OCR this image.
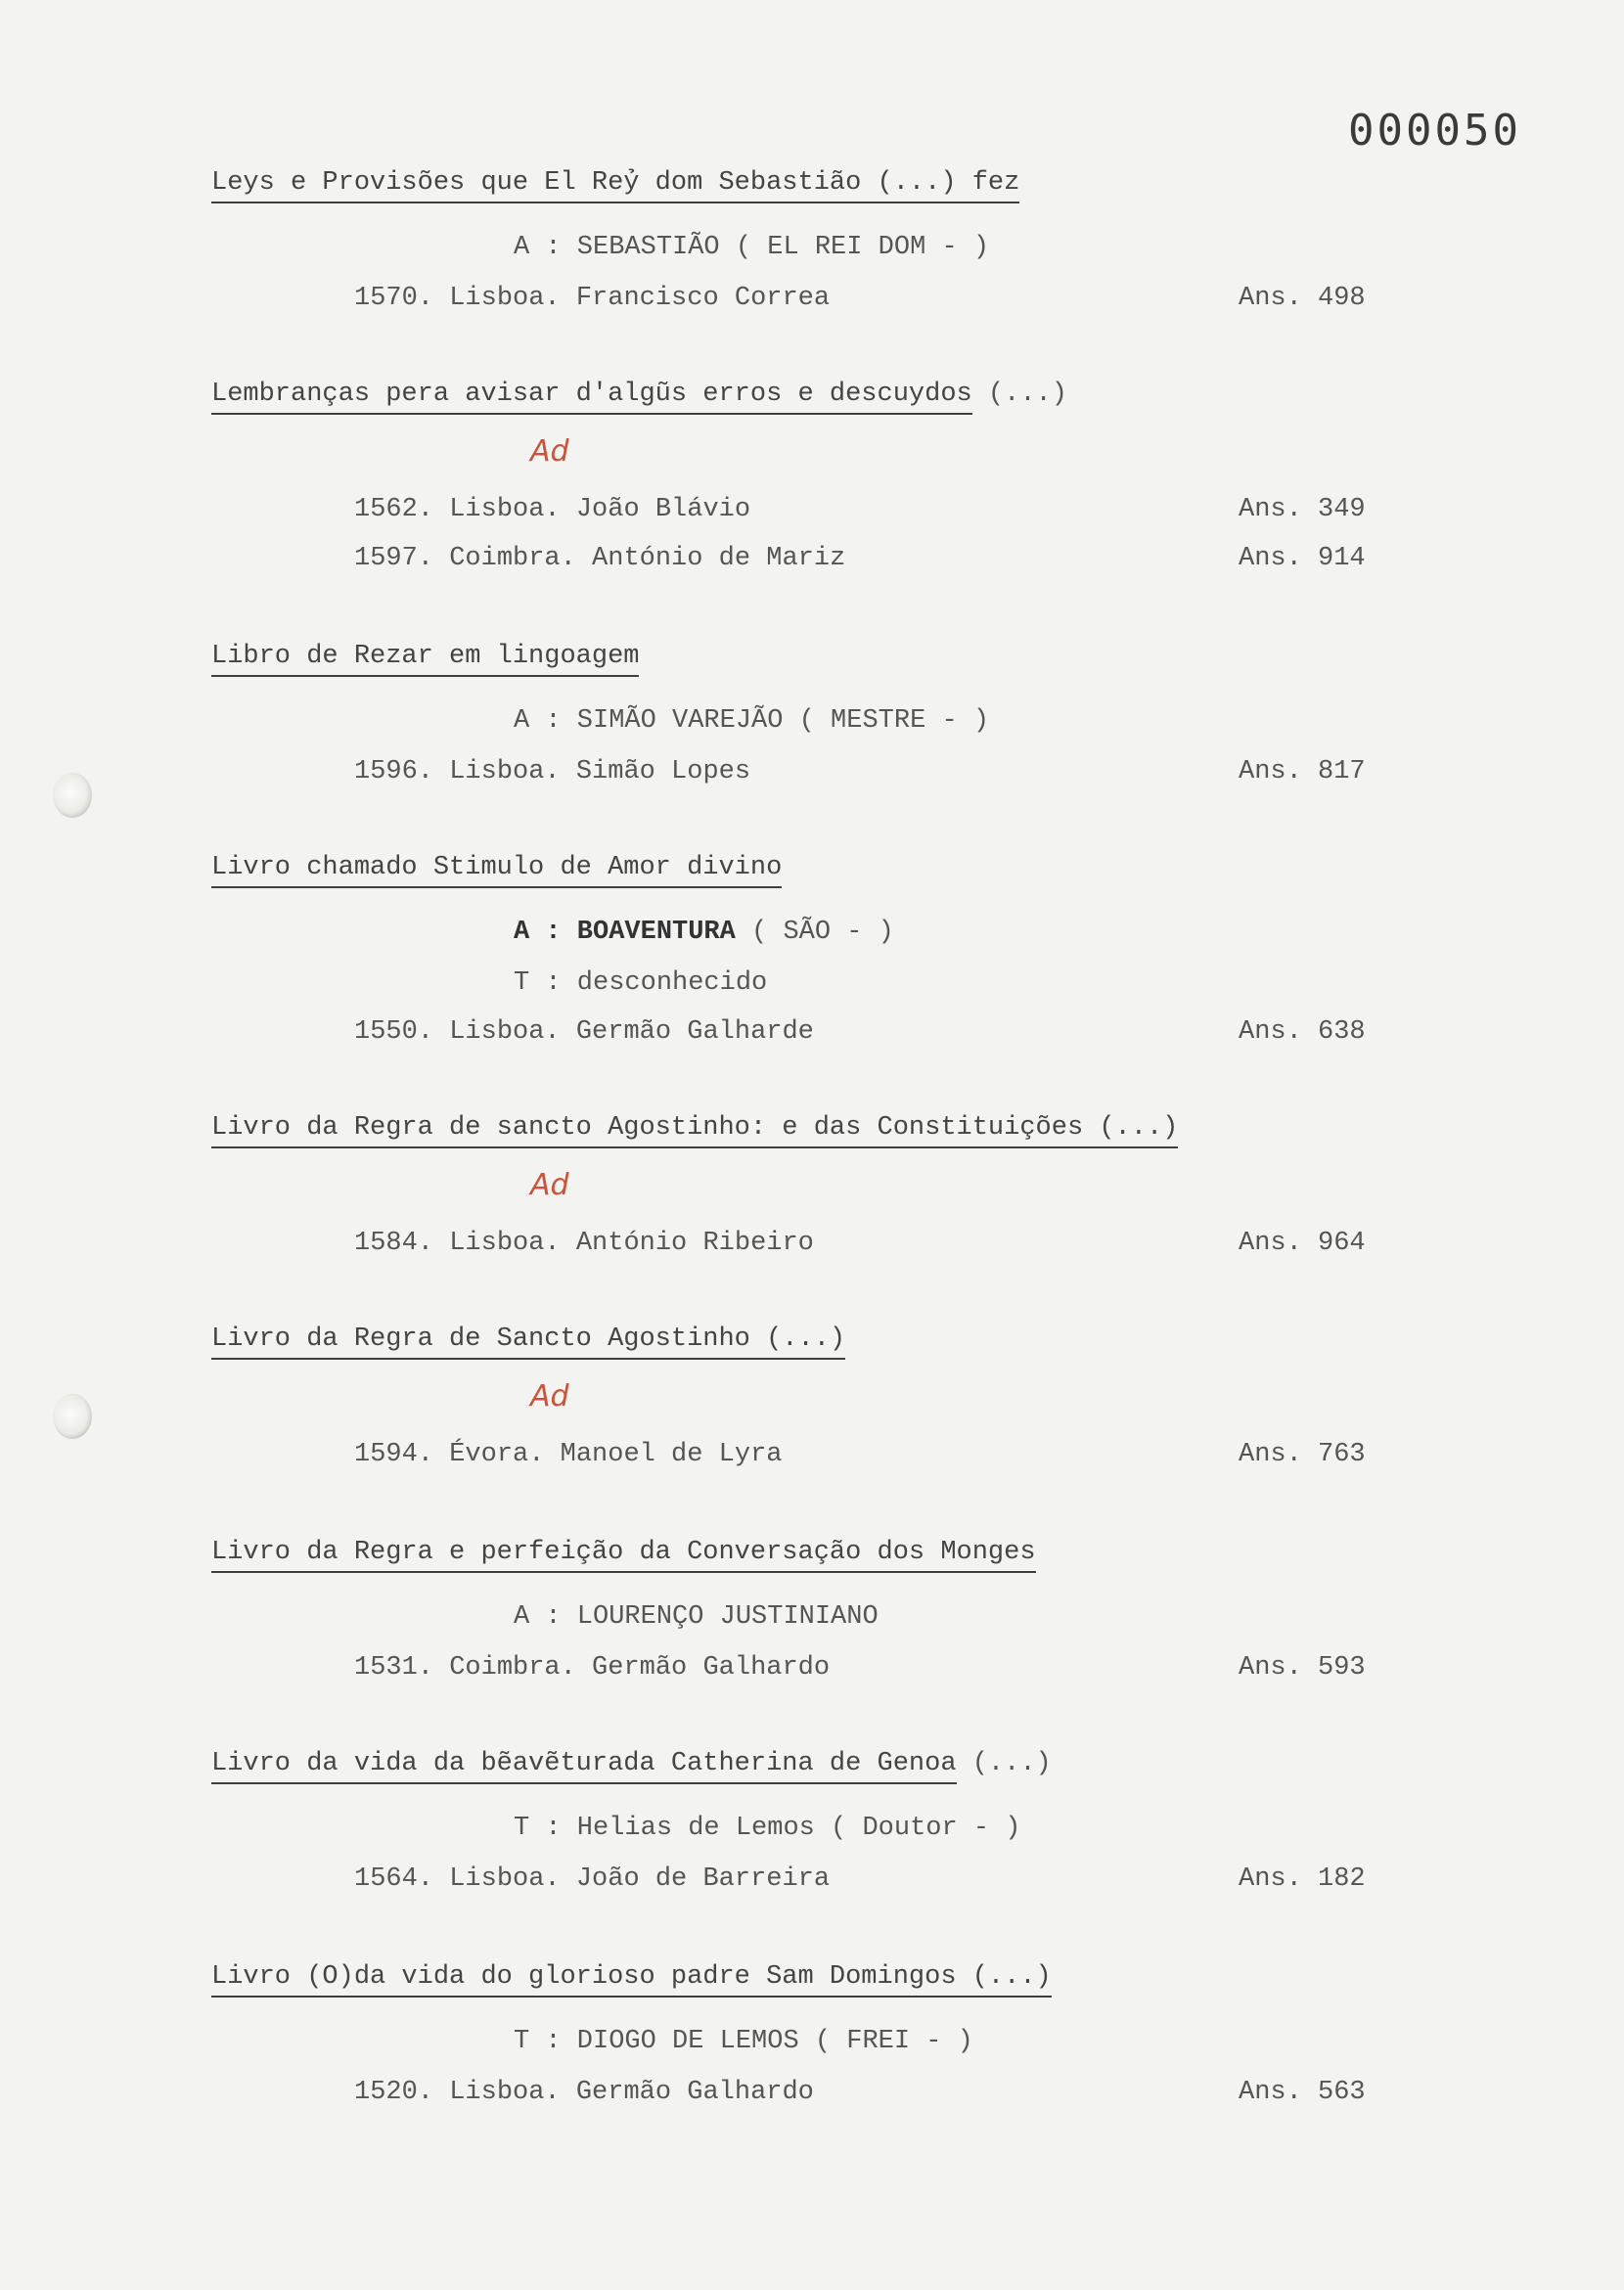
000050
Leys e Provisões que El Reỷ dom Sebastião (...) fez
A : SEBASTIÃO ( EL REI DOM - )
1570. Lisboa. Francisco Correa	Ans. 498
Lembranças pera avisar d'algũs erros e descuydos (...)
Ad
1562. Lisboa. João Blávio	Ans. 349
1597. Coimbra. António de Mariz	Ans. 914
Libro de Rezar em lingoagem
A : SIMÃO VAREJÃO ( MESTRE - )
1596. Lisboa. Simão Lopes	Ans. 817
Livro chamado Stimulo de Amor divino
A : BOAVENTURA ( SÃO - )
T : desconhecido
1550. Lisboa. Germão Galharde	Ans. 638
Livro da Regra de sancto Agostinho: e das Constituições (...)
Ad
1584. Lisboa. António Ribeiro	Ans. 964
Livro da Regra de Sancto Agostinho (...)
Ad
1594. Évora. Manoel de Lyra	Ans. 763
Livro da Regra e perfeição da Conversação dos Monges
A : LOURENÇO JUSTINIANO
1531. Coimbra. Germão Galhardo	Ans. 593
Livro da vida da bẽavẽturada Catherina de Genoa (...)
T : Helias de Lemos ( Doutor - )
1564. Lisboa. João de Barreira	Ans. 182
Livro (O)da vida do glorioso padre Sam Domingos (...)
T : DIOGO DE LEMOS ( FREI - )
1520. Lisboa. Germão Galhardo	Ans. 563
